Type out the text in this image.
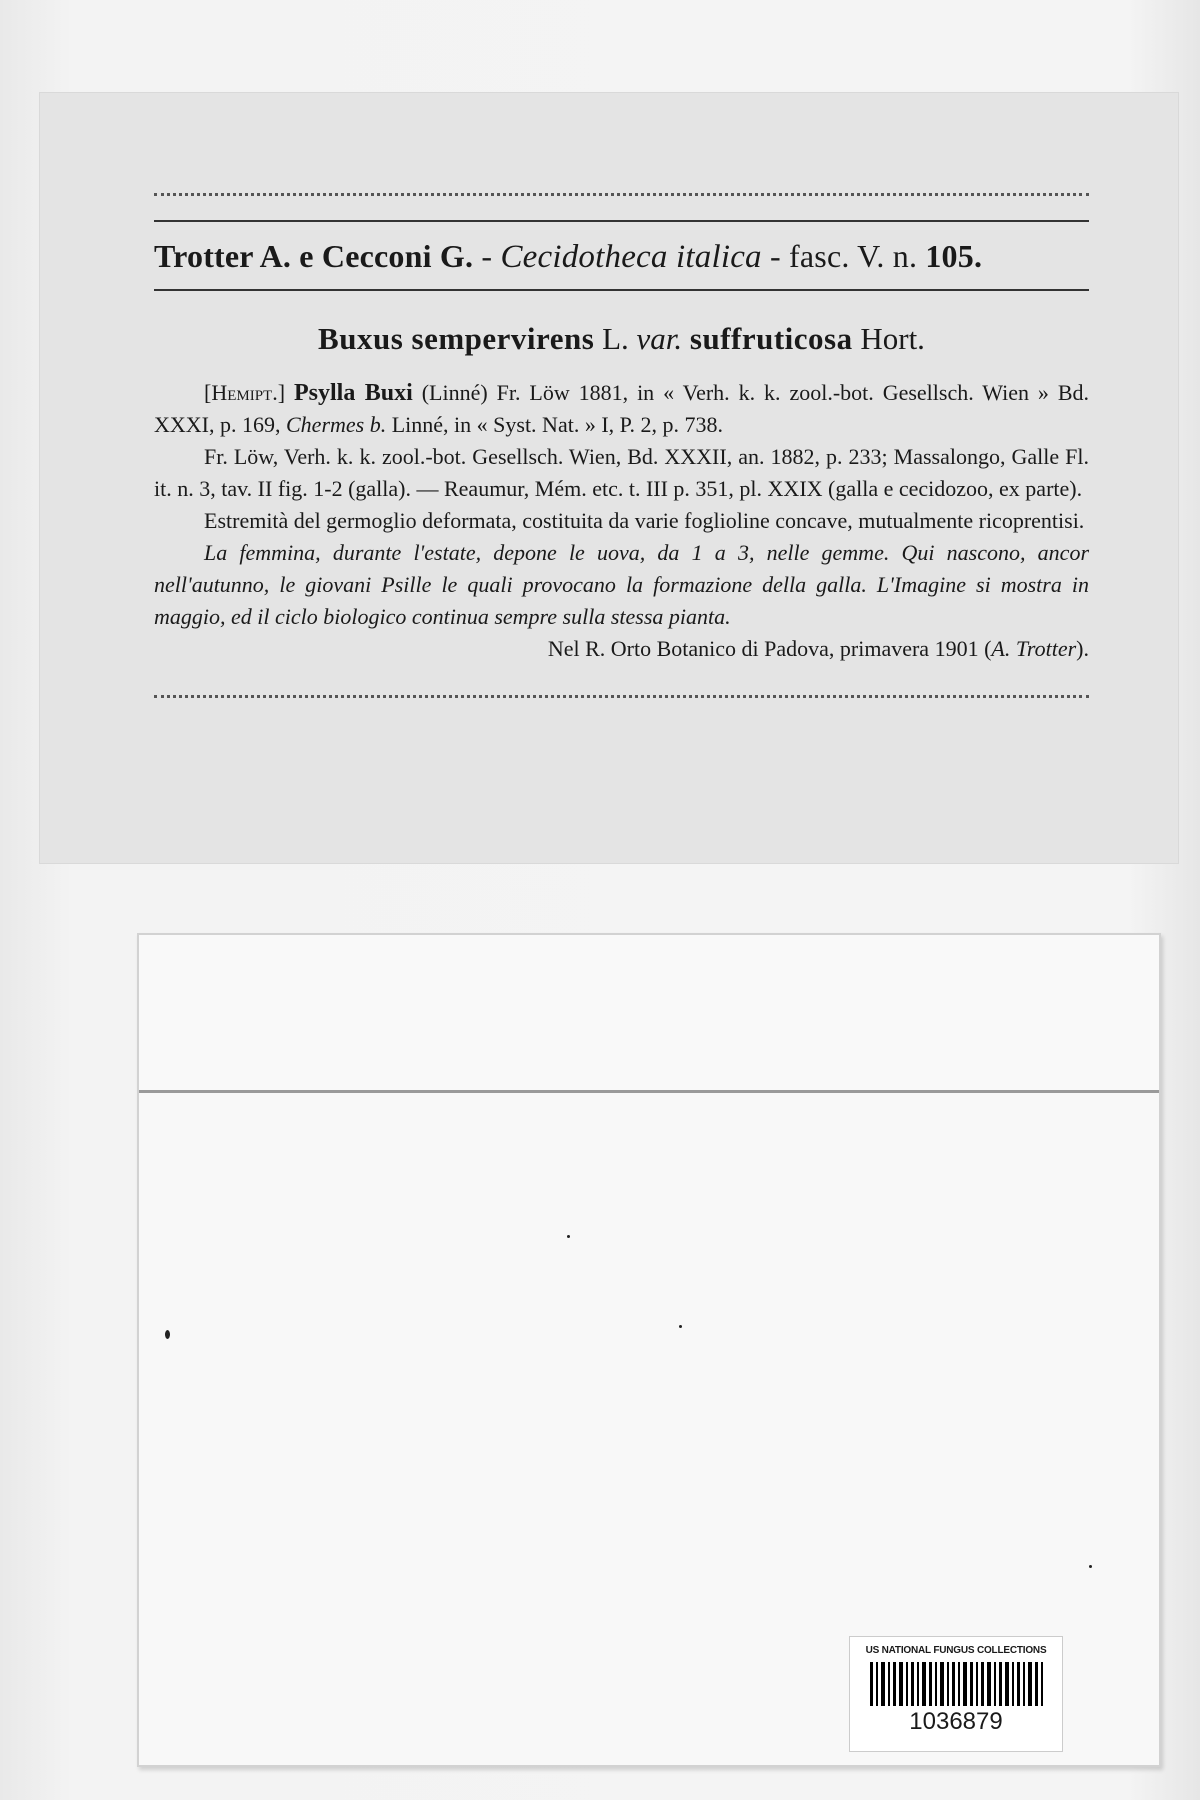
Trotter A. e Cecconi G. - Cecidotheca italica - fasc. V. n. 105.
Buxus sempervirens L. var. suffruticosa Hort.

[Hemipt.] Psylla Buxi (Linné) Fr. Löw 1881, in « Verh. k. k. zool.-bot. Gesellsch. Wien » Bd. XXXI, p. 169, Chermes b. Linné, in « Syst. Nat. » I, P. 2, p. 738.

Fr. Löw, Verh. k. k. zool.-bot. Gesellsch. Wien, Bd. XXXII, an. 1882, p. 233; Massalongo, Galle Fl. it. n. 3, tav. II fig. 1-2 (galla). — Reaumur, Mém. etc. t. III p. 351, pl. XXIX (galla e cecidozoo, ex parte).

Estremità del germoglio deformata, costituita da varie foglioline concave, mutualmente ricoprentisi.

La femmina, durante l'estate, depone le uova, da 1 a 3, nelle gemme. Qui nascono, ancor nell'autunno, le giovani Psille le quali provocano la formazione della galla. L'Imagine si mostra in maggio, ed il ciclo biologico continua sempre sulla stessa pianta.

Nel R. Orto Botanico di Padova, primavera 1901 (A. Trotter).

US NATIONAL FUNGUS COLLECTIONS
1036879
